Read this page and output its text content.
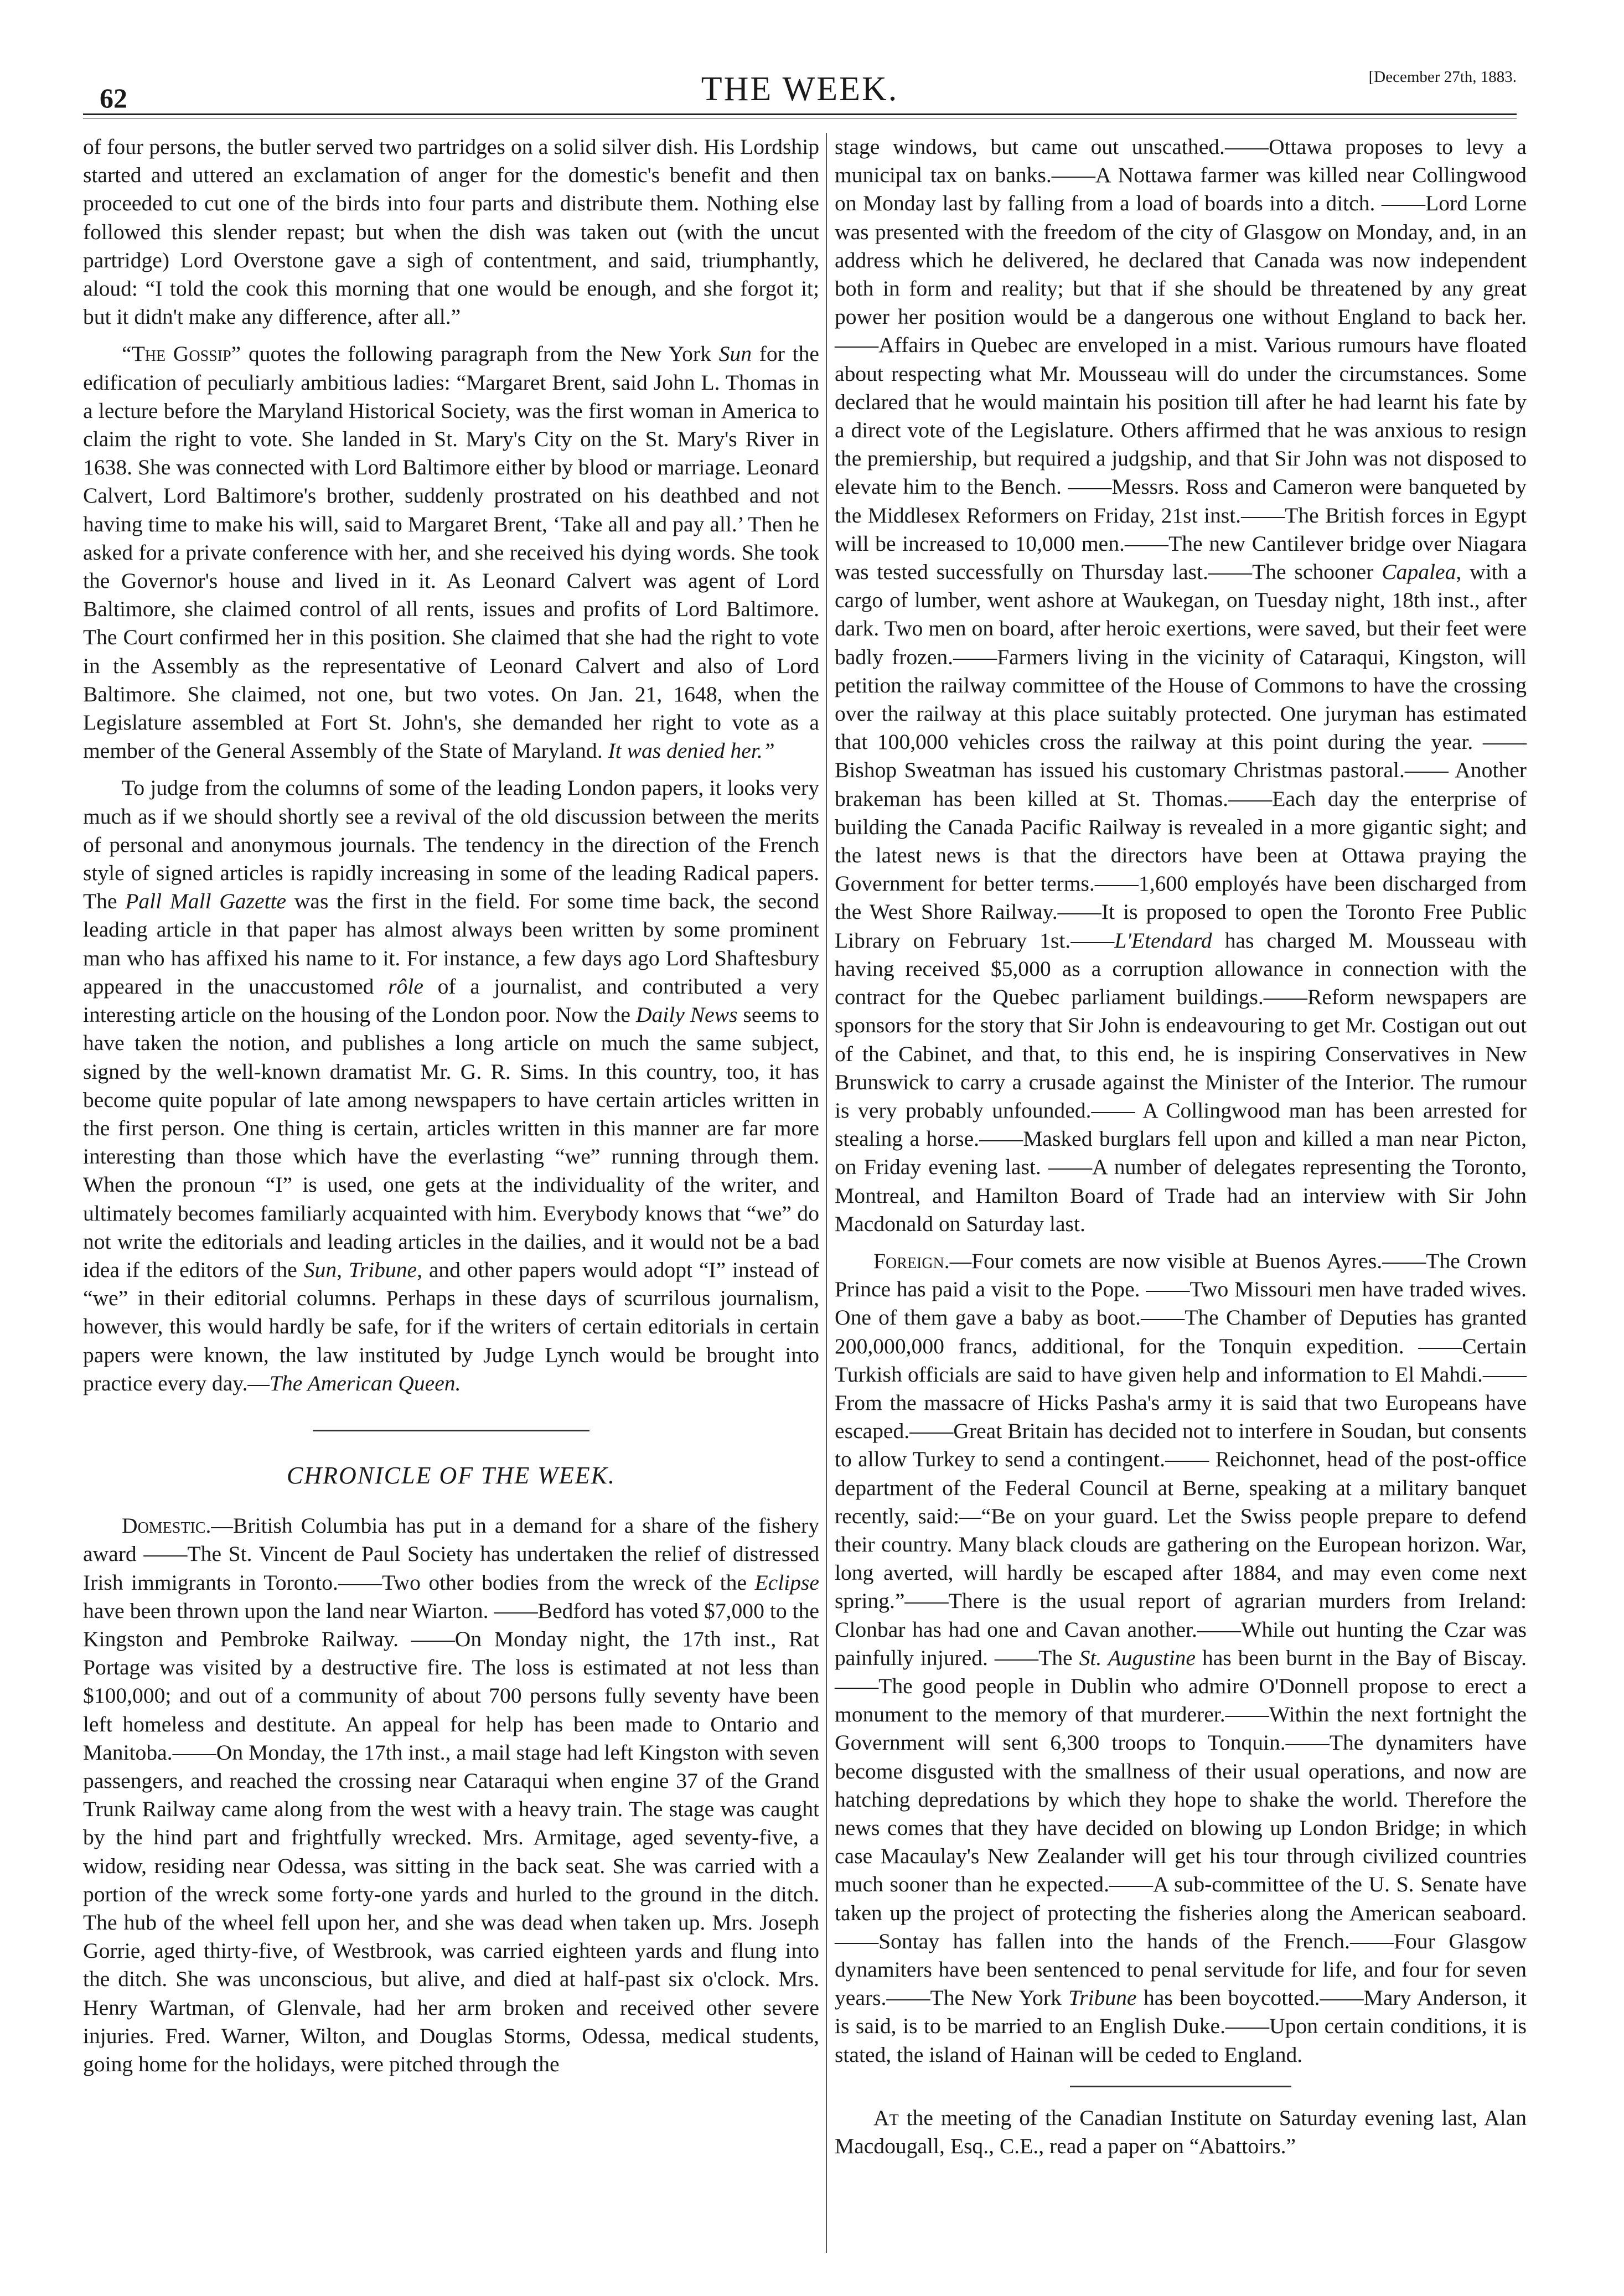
62	THE WEEK.	[December 27th, 1883.

of four persons, the butler served two partridges on a solid silver dish. His Lordship started and uttered an exclamation of anger for the domestic's benefit and then proceeded to cut one of the birds into four parts and distribute them. Nothing else followed this slender repast; but when the dish was taken out (with the uncut partridge) Lord Overstone gave a sigh of contentment, and said, triumphantly, aloud: “I told the cook this morning that one would be enough, and she forgot it; but it didn't make any difference, after all.”

“The Gossip” quotes the following paragraph from the New York Sun for the edification of peculiarly ambitious ladies: “Margaret Brent, said John L. Thomas in a lecture before the Maryland Historical Society, was the first woman in America to claim the right to vote. She landed in St. Mary's City on the St. Mary's River in 1638. She was connected with Lord Baltimore either by blood or marriage. Leonard Calvert, Lord Baltimore's brother, suddenly prostrated on his deathbed and not having time to make his will, said to Margaret Brent, ‘Take all and pay all.’ Then he asked for a private conference with her, and she received his dying words. She took the Governor's house and lived in it. As Leonard Calvert was agent of Lord Baltimore, she claimed control of all rents, issues and profits of Lord Baltimore. The Court confirmed her in this position. She claimed that she had the right to vote in the Assembly as the representative of Leonard Calvert and also of Lord Baltimore. She claimed, not one, but two votes. On Jan. 21, 1648, when the Legislature assembled at Fort St. John's, she demanded her right to vote as a member of the General Assembly of the State of Maryland. It was denied her.”

To judge from the columns of some of the leading London papers, it looks very much as if we should shortly see a revival of the old discussion between the merits of personal and anonymous journals. The tendency in the direction of the French style of signed articles is rapidly increasing in some of the leading Radical papers. The Pall Mall Gazette was the first in the field. For some time back, the second leading article in that paper has almost always been written by some prominent man who has affixed his name to it. For instance, a few days ago Lord Shaftesbury appeared in the unaccustomed rôle of a journalist, and contributed a very interesting article on the housing of the London poor. Now the Daily News seems to have taken the notion, and publishes a long article on much the same subject, signed by the well-known dramatist Mr. G. R. Sims. In this country, too, it has become quite popular of late among newspapers to have certain articles written in the first person. One thing is certain, articles written in this manner are far more interesting than those which have the everlasting “we” running through them. When the pronoun “I” is used, one gets at the individuality of the writer, and ultimately becomes familiarly acquainted with him. Everybody knows that “we” do not write the editorials and leading articles in the dailies, and it would not be a bad idea if the editors of the Sun, Tribune, and other papers would adopt “I” instead of “we” in their editorial columns. Perhaps in these days of scurrilous journalism, however, this would hardly be safe, for if the writers of certain editorials in certain papers were known, the law instituted by Judge Lynch would be brought into practice every day.—The American Queen.

CHRONICLE OF THE WEEK.

Domestic.—British Columbia has put in a demand for a share of the fishery award ——The St. Vincent de Paul Society has undertaken the relief of distressed Irish immigrants in Toronto.——Two other bodies from the wreck of the Eclipse have been thrown upon the land near Wiarton. ——Bedford has voted $7,000 to the Kingston and Pembroke Railway. ——On Monday night, the 17th inst., Rat Portage was visited by a destructive fire. The loss is estimated at not less than $100,000; and out of a community of about 700 persons fully seventy have been left homeless and destitute. An appeal for help has been made to Ontario and Manitoba.——On Monday, the 17th inst., a mail stage had left Kingston with seven passengers, and reached the crossing near Cataraqui when engine 37 of the Grand Trunk Railway came along from the west with a heavy train. The stage was caught by the hind part and frightfully wrecked. Mrs. Armitage, aged seventy-five, a widow, residing near Odessa, was sitting in the back seat. She was carried with a portion of the wreck some forty-one yards and hurled to the ground in the ditch. The hub of the wheel fell upon her, and she was dead when taken up. Mrs. Joseph Gorrie, aged thirty-five, of Westbrook, was carried eighteen yards and flung into the ditch. She was unconscious, but alive, and died at half-past six o'clock. Mrs. Henry Wartman, of Glenvale, had her arm broken and received other severe injuries. Fred. Warner, Wilton, and Douglas Storms, Odessa, medical students, going home for the holidays, were pitched through the

stage windows, but came out unscathed.——Ottawa proposes to levy a municipal tax on banks.——A Nottawa farmer was killed near Collingwood on Monday last by falling from a load of boards into a ditch. ——Lord Lorne was presented with the freedom of the city of Glasgow on Monday, and, in an address which he delivered, he declared that Canada was now independent both in form and reality; but that if she should be threatened by any great power her position would be a dangerous one without England to back her.——Affairs in Quebec are enveloped in a mist. Various rumours have floated about respecting what Mr. Mousseau will do under the circumstances. Some declared that he would maintain his position till after he had learnt his fate by a direct vote of the Legislature. Others affirmed that he was anxious to resign the premiership, but required a judgship, and that Sir John was not disposed to elevate him to the Bench. ——Messrs. Ross and Cameron were banqueted by the Middlesex Reformers on Friday, 21st inst.——The British forces in Egypt will be increased to 10,000 men.——The new Cantilever bridge over Niagara was tested successfully on Thursday last.——The schooner Capalea, with a cargo of lumber, went ashore at Waukegan, on Tuesday night, 18th inst., after dark. Two men on board, after heroic exertions, were saved, but their feet were badly frozen.——Farmers living in the vicinity of Cataraqui, Kingston, will petition the railway committee of the House of Commons to have the crossing over the railway at this place suitably protected. One juryman has estimated that 100,000 vehicles cross the railway at this point during the year. ——Bishop Sweatman has issued his customary Christmas pastoral.—— Another brakeman has been killed at St. Thomas.——Each day the enterprise of building the Canada Pacific Railway is revealed in a more gigantic sight; and the latest news is that the directors have been at Ottawa praying the Government for better terms.——1,600 employés have been discharged from the West Shore Railway.——It is proposed to open the Toronto Free Public Library on February 1st.——L'Etendard has charged M. Mousseau with having received $5,000 as a corruption allowance in connection with the contract for the Quebec parliament buildings.——Reform newspapers are sponsors for the story that Sir John is endeavouring to get Mr. Costigan out out of the Cabinet, and that, to this end, he is inspiring Conservatives in New Brunswick to carry a crusade against the Minister of the Interior. The rumour is very probably unfounded.—— A Collingwood man has been arrested for stealing a horse.——Masked burglars fell upon and killed a man near Picton, on Friday evening last. ——A number of delegates representing the Toronto, Montreal, and Hamilton Board of Trade had an interview with Sir John Macdonald on Saturday last.

Foreign.—Four comets are now visible at Buenos Ayres.——The Crown Prince has paid a visit to the Pope. ——Two Missouri men have traded wives. One of them gave a baby as boot.——The Chamber of Deputies has granted 200,000,000 francs, additional, for the Tonquin expedition. ——Certain Turkish officials are said to have given help and information to El Mahdi.——From the massacre of Hicks Pasha's army it is said that two Europeans have escaped.——Great Britain has decided not to interfere in Soudan, but consents to allow Turkey to send a contingent.—— Reichonnet, head of the post-office department of the Federal Council at Berne, speaking at a military banquet recently, said:—“Be on your guard. Let the Swiss people prepare to defend their country. Many black clouds are gathering on the European horizon. War, long averted, will hardly be escaped after 1884, and may even come next spring.”——There is the usual report of agrarian murders from Ireland: Clonbar has had one and Cavan another.——While out hunting the Czar was painfully injured. ——The St. Augustine has been burnt in the Bay of Biscay.——The good people in Dublin who admire O'Donnell propose to erect a monument to the memory of that murderer.——Within the next fortnight the Government will sent 6,300 troops to Tonquin.——The dynamiters have become disgusted with the smallness of their usual operations, and now are hatching depredations by which they hope to shake the world. Therefore the news comes that they have decided on blowing up London Bridge; in which case Macaulay's New Zealander will get his tour through civilized countries much sooner than he expected.——A sub-committee of the U. S. Senate have taken up the project of protecting the fisheries along the American seaboard.——Sontay has fallen into the hands of the French.——Four Glasgow dynamiters have been sentenced to penal servitude for life, and four for seven years.——The New York Tribune has been boycotted.——Mary Anderson, it is said, is to be married to an English Duke.——Upon certain conditions, it is stated, the island of Hainan will be ceded to England.

At the meeting of the Canadian Institute on Saturday evening last, Alan Macdougall, Esq., C.E., read a paper on “Abattoirs.”
